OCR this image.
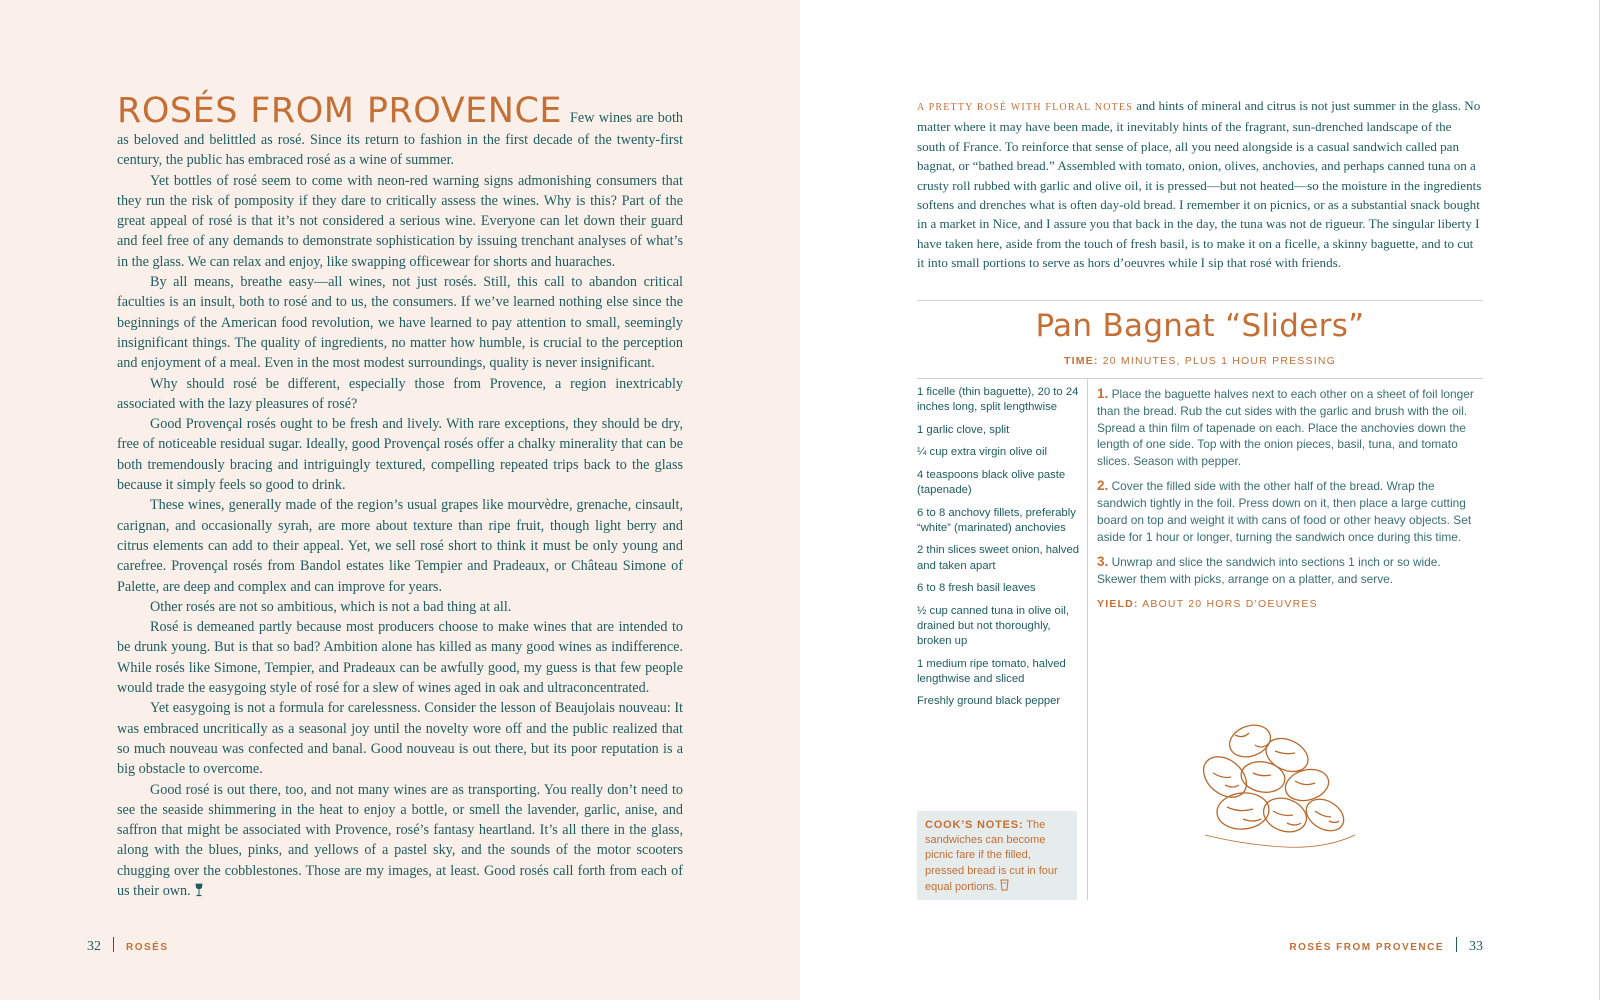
ROSÉS FROM PROVENCE Few wines are both as beloved and belittled as rosé. Since its return to fashion in the first decade of the twenty-first century, the public has embraced rosé as a wine of summer.

Yet bottles of rosé seem to come with neon-red warning signs admonishing consumers that they run the risk of pomposity if they dare to critically assess the wines. Why is this? Part of the great appeal of rosé is that it’s not considered a serious wine. Everyone can let down their guard and feel free of any demands to demonstrate sophistication by issuing trenchant analyses of what’s in the glass. We can relax and enjoy, like swapping officewear for shorts and huaraches.

By all means, breathe easy—all wines, not just rosés. Still, this call to abandon critical faculties is an insult, both to rosé and to us, the consumers. If we’ve learned nothing else since the beginnings of the American food revolution, we have learned to pay attention to small, seemingly insignificant things. The quality of ingredients, no matter how humble, is crucial to the perception and enjoyment of a meal. Even in the most modest surroundings, quality is never insignificant.

Why should rosé be different, especially those from Provence, a region inextricably associated with the lazy pleasures of rosé?

Good Provençal rosés ought to be fresh and lively. With rare exceptions, they should be dry, free of noticeable residual sugar. Ideally, good Provençal rosés offer a chalky minerality that can be both tremendously bracing and intriguingly textured, compelling repeated trips back to the glass because it simply feels so good to drink.

These wines, generally made of the region’s usual grapes like mourvèdre, grenache, cinsault, carignan, and occasionally syrah, are more about texture than ripe fruit, though light berry and citrus elements can add to their appeal. Yet, we sell rosé short to think it must be only young and carefree. Provençal rosés from Bandol estates like Tempier and Pradeaux, or Château Simone of Palette, are deep and complex and can improve for years.

Other rosés are not so ambitious, which is not a bad thing at all.

Rosé is demeaned partly because most producers choose to make wines that are intended to be drunk young. But is that so bad? Ambition alone has killed as many good wines as indifference. While rosés like Simone, Tempier, and Pradeaux can be awfully good, my guess is that few people would trade the easygoing style of rosé for a slew of wines aged in oak and ultraconcentrated.

Yet easygoing is not a formula for carelessness. Consider the lesson of Beaujolais nouveau: It was embraced uncritically as a seasonal joy until the novelty wore off and the public realized that so much nouveau was confected and banal. Good nouveau is out there, but its poor reputation is a big obstacle to overcome.

Good rosé is out there, too, and not many wines are as transporting. You really don’t need to see the seaside shimmering in the heat to enjoy a bottle, or smell the lavender, garlic, anise, and saffron that might be associated with Provence, rosé’s fantasy heartland. It’s all there in the glass, along with the blues, pinks, and yellows of a pastel sky, and the sounds of the motor scooters chugging over the cobblestones. Those are my images, at least. Good rosés call forth from each of us their own.

32	ROSÉS

A PRETTY ROSÉ WITH FLORAL NOTES and hints of mineral and citrus is not just summer in the glass. No matter where it may have been made, it inevitably hints of the fragrant, sun-drenched landscape of the south of France. To reinforce that sense of place, all you need alongside is a casual sandwich called pan bagnat, or “bathed bread.” Assembled with tomato, onion, olives, anchovies, and perhaps canned tuna on a crusty roll rubbed with garlic and olive oil, it is pressed—but not heated—so the moisture in the ingredients softens and drenches what is often day-old bread. I remember it on picnics, or as a substantial snack bought in a market in Nice, and I assure you that back in the day, the tuna was not de rigueur. The singular liberty I have taken here, aside from the touch of fresh basil, is to make it on a ficelle, a skinny baguette, and to cut it into small portions to serve as hors d’oeuvres while I sip that rosé with friends.

Pan Bagnat “Sliders”
TIME: 20 MINUTES, PLUS 1 HOUR PRESSING
1 ficelle (thin baguette), 20 to 24 inches long, split lengthwise
1 garlic clove, split
¼ cup extra virgin olive oil
4 teaspoons black olive paste (tapenade)
6 to 8 anchovy fillets, preferably “white” (marinated) anchovies
2 thin slices sweet onion, halved and taken apart
6 to 8 fresh basil leaves
½ cup canned tuna in olive oil, drained but not thoroughly, broken up
1 medium ripe tomato, halved lengthwise and sliced
Freshly ground black pepper

1. Place the baguette halves next to each other on a sheet of foil longer than the bread. Rub the cut sides with the garlic and brush with the oil. Spread a thin film of tapenade on each. Place the anchovies down the length of one side. Top with the onion pieces, basil, tuna, and tomato slices. Season with pepper.

2. Cover the filled side with the other half of the bread. Wrap the sandwich tightly in the foil. Press down on it, then place a large cutting board on top and weight it with cans of food or other heavy objects. Set aside for 1 hour or longer, turning the sandwich once during this time.

3. Unwrap and slice the sandwich into sections 1 inch or so wide. Skewer them with picks, arrange on a platter, and serve.

YIELD: ABOUT 20 HORS D’OEUVRES
COOK’S NOTES: The sandwiches can become picnic fare if the filled, pressed bread is cut in four equal portions.
ROSÉS FROM PROVENCE 33
